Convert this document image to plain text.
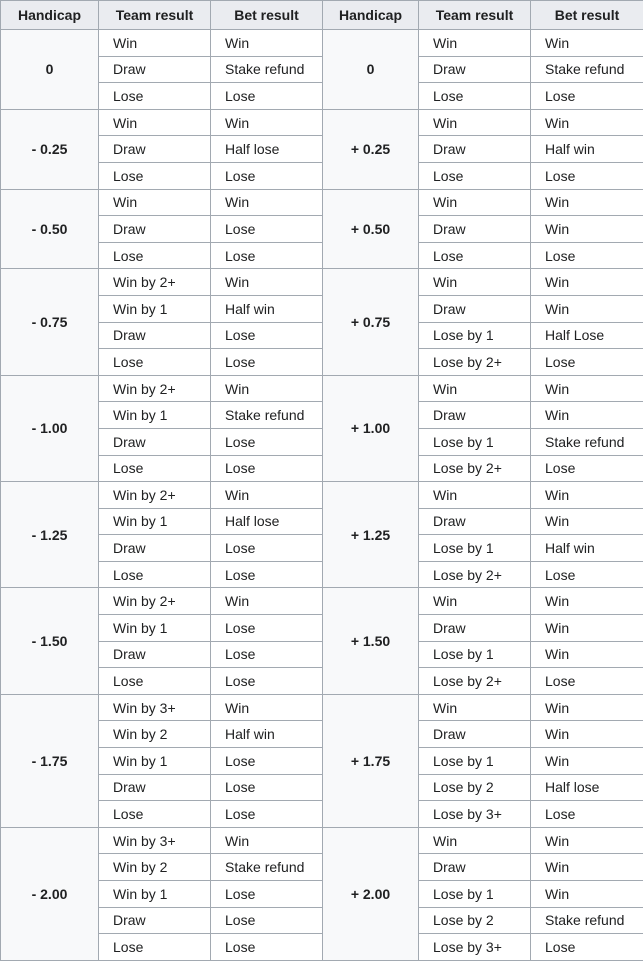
Handicap	Team result	Bet result	Handicap	Team result	Bet result
0	Win	Win	0	Win	Win
	Draw	Stake refund		Draw	Stake refund
	Lose	Lose		Lose	Lose
- 0.25	Win	Win	+ 0.25	Win	Win
	Draw	Half lose		Draw	Half win
	Lose	Lose		Lose	Lose
- 0.50	Win	Win	+ 0.50	Win	Win
	Draw	Lose		Draw	Win
	Lose	Lose		Lose	Lose
- 0.75	Win by 2+	Win	+ 0.75	Win	Win
	Win by 1	Half win		Draw	Win
	Draw	Lose		Lose by 1	Half Lose
	Lose	Lose		Lose by 2+	Lose
- 1.00	Win by 2+	Win	+ 1.00	Win	Win
	Win by 1	Stake refund		Draw	Win
	Draw	Lose		Lose by 1	Stake refund
	Lose	Lose		Lose by 2+	Lose
- 1.25	Win by 2+	Win	+ 1.25	Win	Win
	Win by 1	Half lose		Draw	Win
	Draw	Lose		Lose by 1	Half win
	Lose	Lose		Lose by 2+	Lose
- 1.50	Win by 2+	Win	+ 1.50	Win	Win
	Win by 1	Lose		Draw	Win
	Draw	Lose		Lose by 1	Win
	Lose	Lose		Lose by 2+	Lose
- 1.75	Win by 3+	Win	+ 1.75	Win	Win
	Win by 2	Half win		Draw	Win
	Win by 1	Lose		Lose by 1	Win
	Draw	Lose		Lose by 2	Half lose
	Lose	Lose		Lose by 3+	Lose
- 2.00	Win by 3+	Win	+ 2.00	Win	Win
	Win by 2	Stake refund		Draw	Win
	Win by 1	Lose		Lose by 1	Win
	Draw	Lose		Lose by 2	Stake refund
	Lose	Lose		Lose by 3+	Lose
